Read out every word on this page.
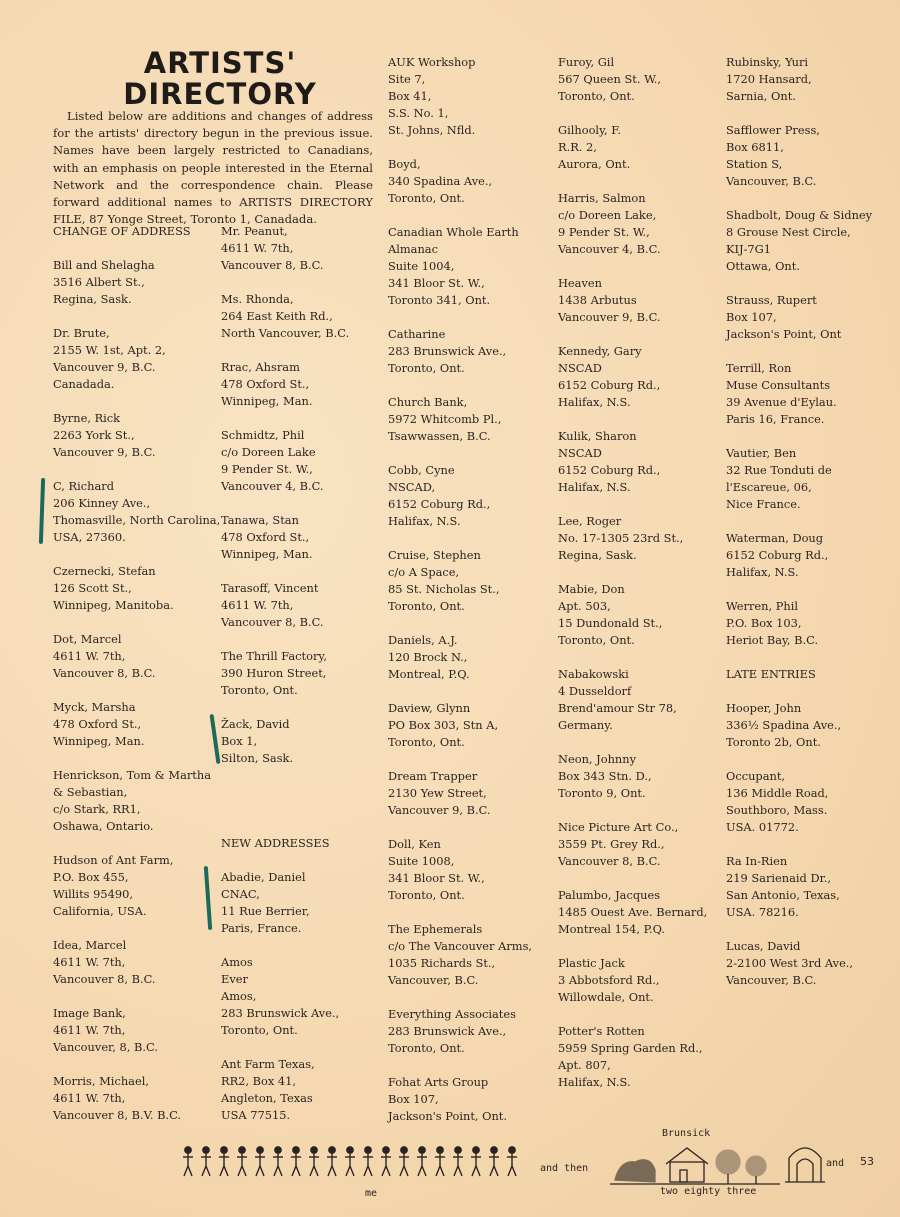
ARTISTS'
DIRECTORY
Listed below are additions and changes of address for the artists' directory begun in the previous issue. Names have been largely restricted to Canadians, with an emphasis on people interested in the Eternal Network and the correspondence chain. Please forward additional names to ARTISTS DIRECTORY FILE, 87 Yonge Street, Toronto 1, Canadada.
CHANGE OF ADDRESS
Bill and Shelagha
3516 Albert St.,
Regina, Sask.
Dr. Brute,
2155 W. 1st, Apt. 2,
Vancouver 9, B.C.
Canadada.
Byrne, Rick
2263 York St.,
Vancouver 9, B.C.
C, Richard
206 Kinney Ave.,
Thomasville, North Carolina,
USA, 27360.
Czernecki, Stefan
126 Scott St.,
Winnipeg, Manitoba.
Dot, Marcel
4611 W. 7th,
Vancouver 8, B.C.
Myck, Marsha
478 Oxford St.,
Winnipeg, Man.
Henrickson, Tom & Martha
& Sebastian,
c/o Stark, RR1,
Oshawa, Ontario.
Hudson of Ant Farm,
P.O. Box 455,
Willits 95490,
California, USA.
Idea, Marcel
4611 W. 7th,
Vancouver 8, B.C.
Image Bank,
4611 W. 7th,
Vancouver, 8, B.C.
Morris, Michael,
4611 W. 7th,
Vancouver 8, B.V. B.C.
Mr. Peanut,
4611 W. 7th,
Vancouver 8, B.C.
Ms. Rhonda,
264 East Keith Rd.,
North Vancouver, B.C.
Rrac, Ahsram
478 Oxford St.,
Winnipeg, Man.
Schmidtz, Phil
c/o Doreen Lake
9 Pender St. W.,
Vancouver 4, B.C.
Tanawa, Stan
478 Oxford St.,
Winnipeg, Man.
Tarasoff, Vincent
4611 W. 7th,
Vancouver 8, B.C.
The Thrill Factory,
390 Huron Street,
Toronto, Ont.
Žack, David
Box 1,
Silton, Sask.
NEW ADDRESSES
Abadie, Daniel
CNAC,
11 Rue Berrier,
Paris, France.
Amos
Ever
Amos,
283 Brunswick Ave.,
Toronto, Ont.
Ant Farm Texas,
RR2, Box 41,
Angleton, Texas
USA 77515.
AUK Workshop
Site 7,
Box 41,
S.S. No. 1,
St. Johns, Nfld.
Boyd,
340 Spadina Ave.,
Toronto, Ont.
Canadian Whole Earth
Almanac
Suite 1004,
341 Bloor St. W.,
Toronto 341, Ont.
Catharine
283 Brunswick Ave.,
Toronto, Ont.
Church Bank,
5972 Whitcomb Pl.,
Tsawwassen, B.C.
Cobb, Cyne
NSCAD,
6152 Coburg Rd.,
Halifax, N.S.
Cruise, Stephen
c/o A Space,
85 St. Nicholas St.,
Toronto, Ont.
Daniels, A.J.
120 Brock N.,
Montreal, P.Q.
Daview, Glynn
PO Box 303, Stn A,
Toronto, Ont.
Dream Trapper
2130 Yew Street,
Vancouver 9, B.C.
Doll, Ken
Suite 1008,
341 Bloor St. W.,
Toronto, Ont.
The Ephemerals
c/o The Vancouver Arms,
1035 Richards St.,
Vancouver, B.C.
Everything Associates
283 Brunswick Ave.,
Toronto, Ont.
Fohat Arts Group
Box 107,
Jackson's Point, Ont.
Furoy, Gil
567 Queen St. W.,
Toronto, Ont.
Gilhooly, F.
R.R. 2,
Aurora, Ont.
Harris, Salmon
c/o Doreen Lake,
9 Pender St. W.,
Vancouver 4, B.C.
Heaven
1438 Arbutus
Vancouver 9, B.C.
Kennedy, Gary
NSCAD
6152 Coburg Rd.,
Halifax, N.S.
Kulik, Sharon
NSCAD
6152 Coburg Rd.,
Halifax, N.S.
Lee, Roger
No. 17-1305 23rd St.,
Regina, Sask.
Mabie, Don
Apt. 503,
15 Dundonald St.,
Toronto, Ont.
Nabakowski
4 Dusseldorf
Brend'amour Str 78,
Germany.
Neon, Johnny
Box 343 Stn. D.,
Toronto 9, Ont.
Nice Picture Art Co.,
3559 Pt. Grey Rd.,
Vancouver 8, B.C.
Palumbo, Jacques
1485 Ouest Ave. Bernard,
Montreal 154, P.Q.
Plastic Jack
3 Abbotsford Rd.,
Willowdale, Ont.
Potter's Rotten
5959 Spring Garden Rd.,
Apt. 807,
Halifax, N.S.
Rubinsky, Yuri
1720 Hansard,
Sarnia, Ont.
Safflower Press,
Box 6811,
Station S,
Vancouver, B.C.
Shadbolt, Doug & Sidney
8 Grouse Nest Circle,
KIJ-7G1
Ottawa, Ont.
Strauss, Rupert
Box 107,
Jackson's Point, Ont
Terrill, Ron
Muse Consultants
39 Avenue d'Eylau.
Paris 16, France.
Vautier, Ben
32 Rue Tonduti de
l'Escareue, 06,
Nice France.
Waterman, Doug
6152 Coburg Rd.,
Halifax, N.S.
Werren, Phil
P.O. Box 103,
Heriot Bay, B.C.
LATE ENTRIES
Hooper, John
336½ Spadina Ave.,
Toronto 2b, Ont.
Occupant,
136 Middle Road,
Southboro, Mass.
USA. 01772.
Ra In-Rien
219 Sarienaid Dr.,
San Antonio, Texas,
USA. 78216.
Lucas, David
2-2100 West 3rd Ave.,
Vancouver, B.C.
me
and then
Brunsick
two eighty three
and 53
